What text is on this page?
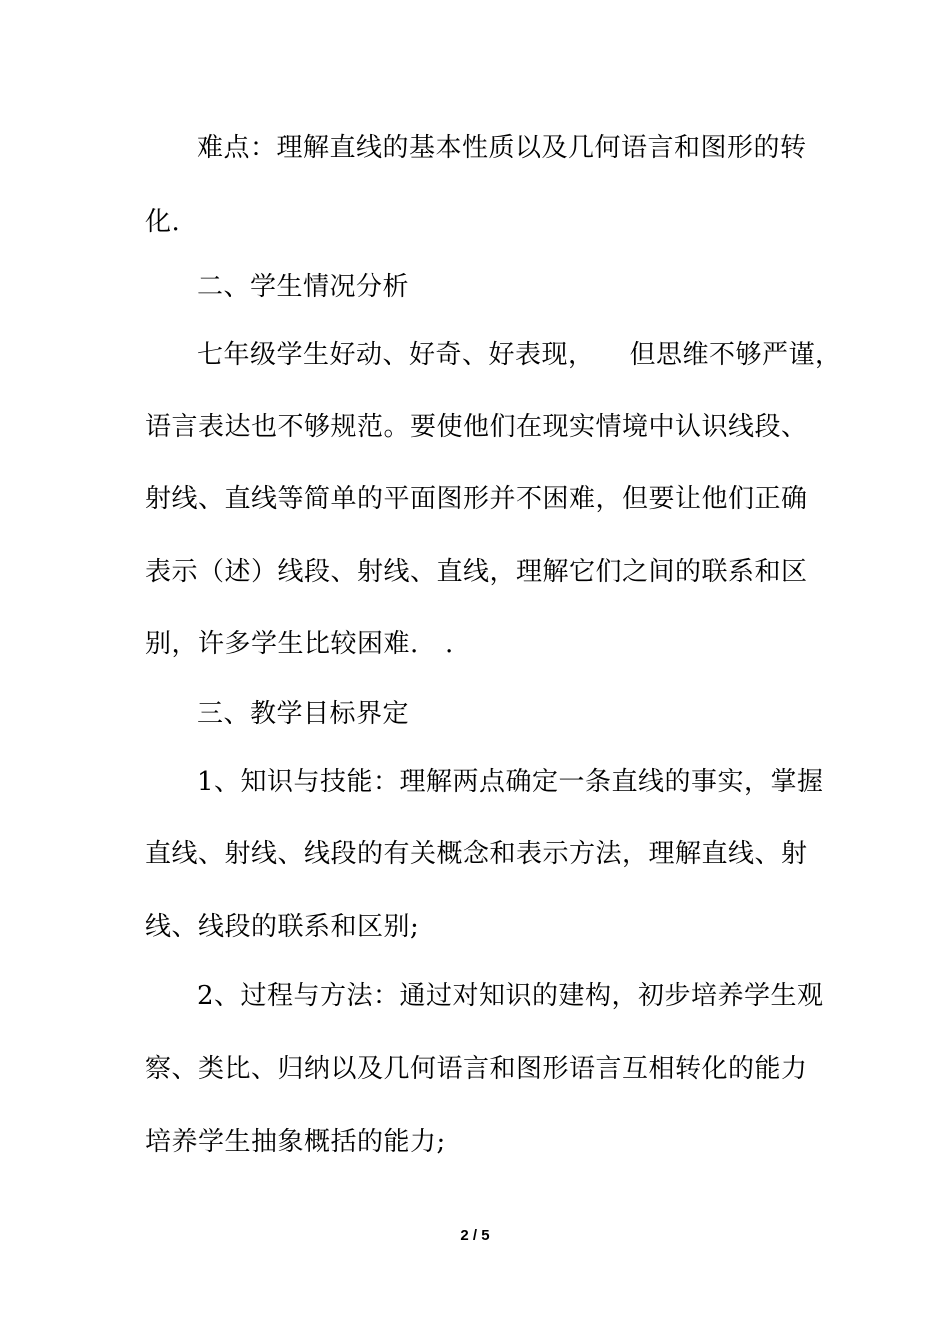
难点：理解直线的基本性质以及几何语言和图形的转
化.
二、学生情况分析
七年级学生好动、好奇、好表现，    但思维不够严谨，
语言表达也不够规范。要使他们在现实情境中认识线段、
射线、直线等简单的平面图形并不困难，但要让他们正确
表示（述）线段、射线、直线，理解它们之间的联系和区
别，许多学生比较困难.   .
三、教学目标界定
1、知识与技能：理解两点确定一条直线的事实，掌握
直线、射线、线段的有关概念和表示方法，理解直线、射
线、线段的联系和区别;
2、过程与方法：通过对知识的建构，初步培养学生观
察、类比、归纳以及几何语言和图形语言互相转化的能力
培养学生抽象概括的能力;
2 / 5
